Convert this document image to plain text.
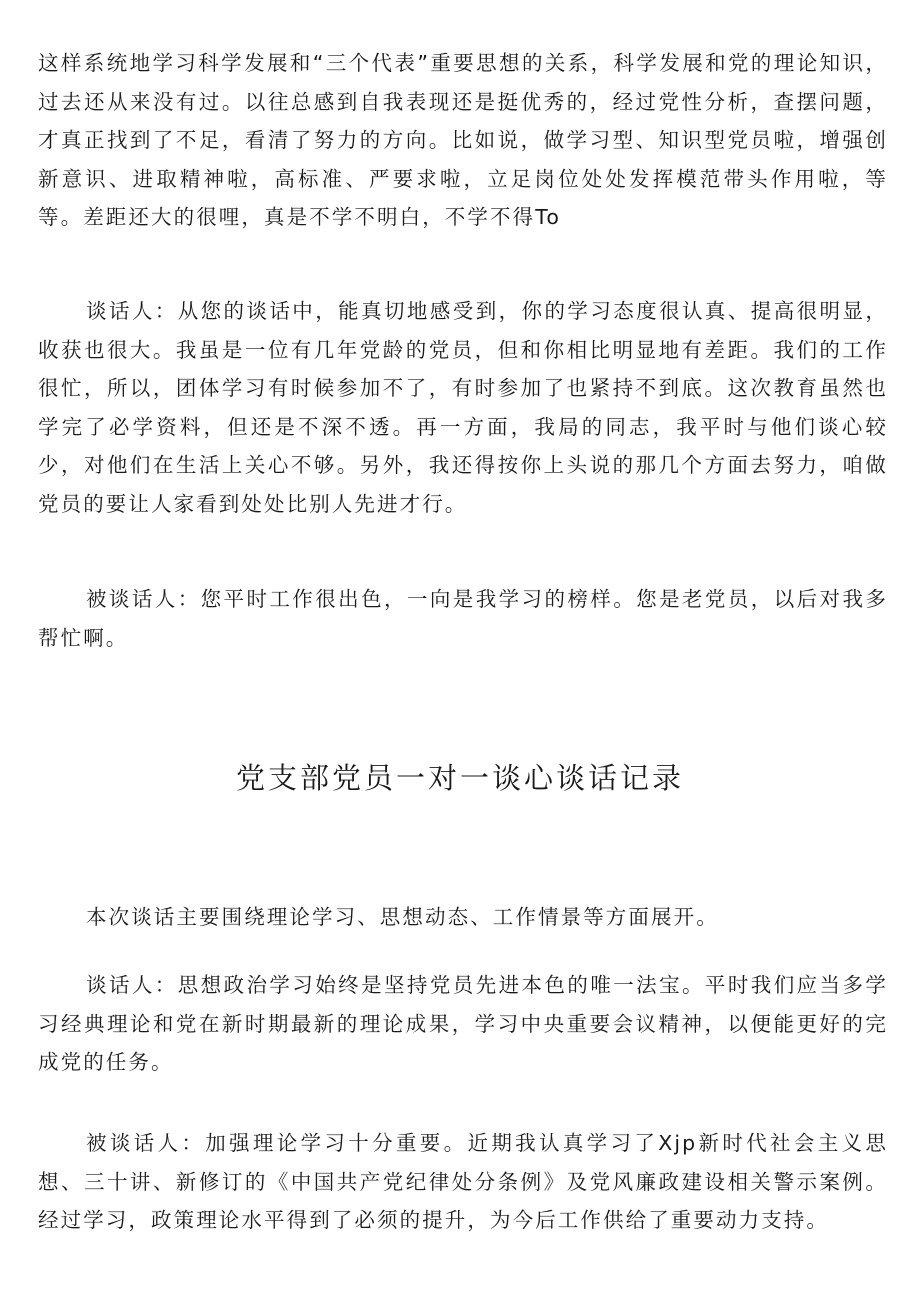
这样系统地学习科学发展和“三个代表”重要思想的关系，科学发展和党的理论知识，过去还从来没有过。以往总感到自我表现还是挺优秀的，经过党性分析，查摆问题，才真正找到了不足，看清了努力的方向。比如说，做学习型、知识型党员啦，增强创新意识、进取精神啦，高标准、严要求啦，立足岗位处处发挥模范带头作用啦，等等。差距还大的很哩，真是不学不明白，不学不得To

谈话人：从您的谈话中，能真切地感受到，你的学习态度很认真、提高很明显，收获也很大。我虽是一位有几年党龄的党员，但和你相比明显地有差距。我们的工作很忙，所以，团体学习有时候参加不了，有时参加了也紧持不到底。这次教育虽然也学完了必学资料，但还是不深不透。再一方面，我局的同志，我平时与他们谈心较少，对他们在生活上关心不够。另外，我还得按你上头说的那几个方面去努力，咱做党员的要让人家看到处处比别人先进才行。

被谈话人：您平时工作很出色，一向是我学习的榜样。您是老党员，以后对我多帮忙啊。

党支部党员一对一谈心谈话记录

本次谈话主要围绕理论学习、思想动态、工作情景等方面展开。

谈话人：思想政治学习始终是坚持党员先进本色的唯一法宝。平时我们应当多学习经典理论和党在新时期最新的理论成果，学习中央重要会议精神，以便能更好的完成党的任务。

被谈话人：加强理论学习十分重要。近期我认真学习了Xjp新时代社会主义思想、三十讲、新修订的《中国共产党纪律处分条例》及党风廉政建设相关警示案例。经过学习，政策理论水平得到了必须的提升，为今后工作供给了重要动力支持。
